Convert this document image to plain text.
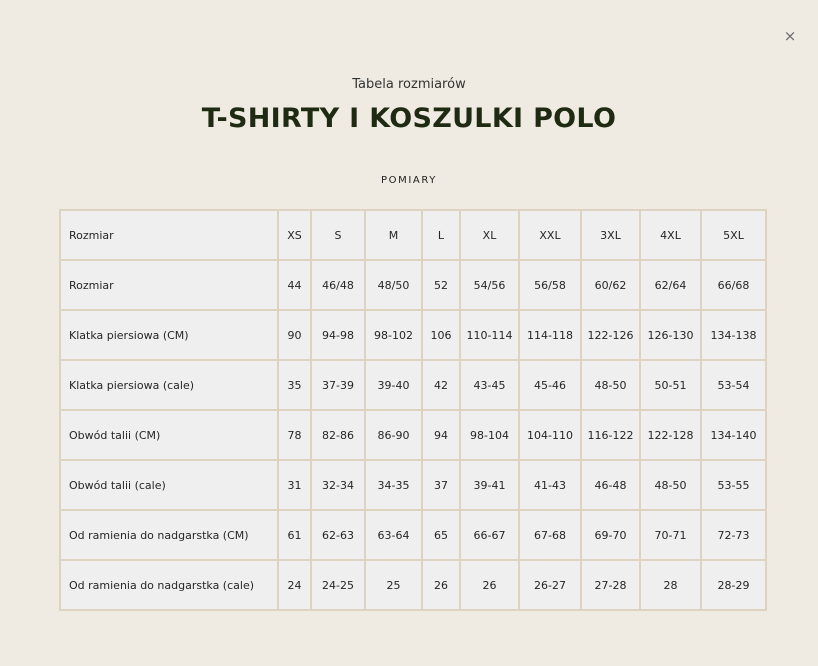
×
Tabela rozmiarów
T-SHIRTY I KOSZULKI POLO
POMIARY
Rozmiar	XS	S	M	L	XL	XXL	3XL	4XL	5XL
Rozmiar	44	46/48	48/50	52	54/56	56/58	60/62	62/64	66/68
Klatka piersiowa (CM)	90	94-98	98-102	106	110-114	114-118	122-126	126-130	134-138
Klatka piersiowa (cale)	35	37-39	39-40	42	43-45	45-46	48-50	50-51	53-54
Obwód talii (CM)	78	82-86	86-90	94	98-104	104-110	116-122	122-128	134-140
Obwód talii (cale)	31	32-34	34-35	37	39-41	41-43	46-48	48-50	53-55
Od ramienia do nadgarstka (CM)	61	62-63	63-64	65	66-67	67-68	69-70	70-71	72-73
Od ramienia do nadgarstka (cale)	24	24-25	25	26	26	26-27	27-28	28	28-29
